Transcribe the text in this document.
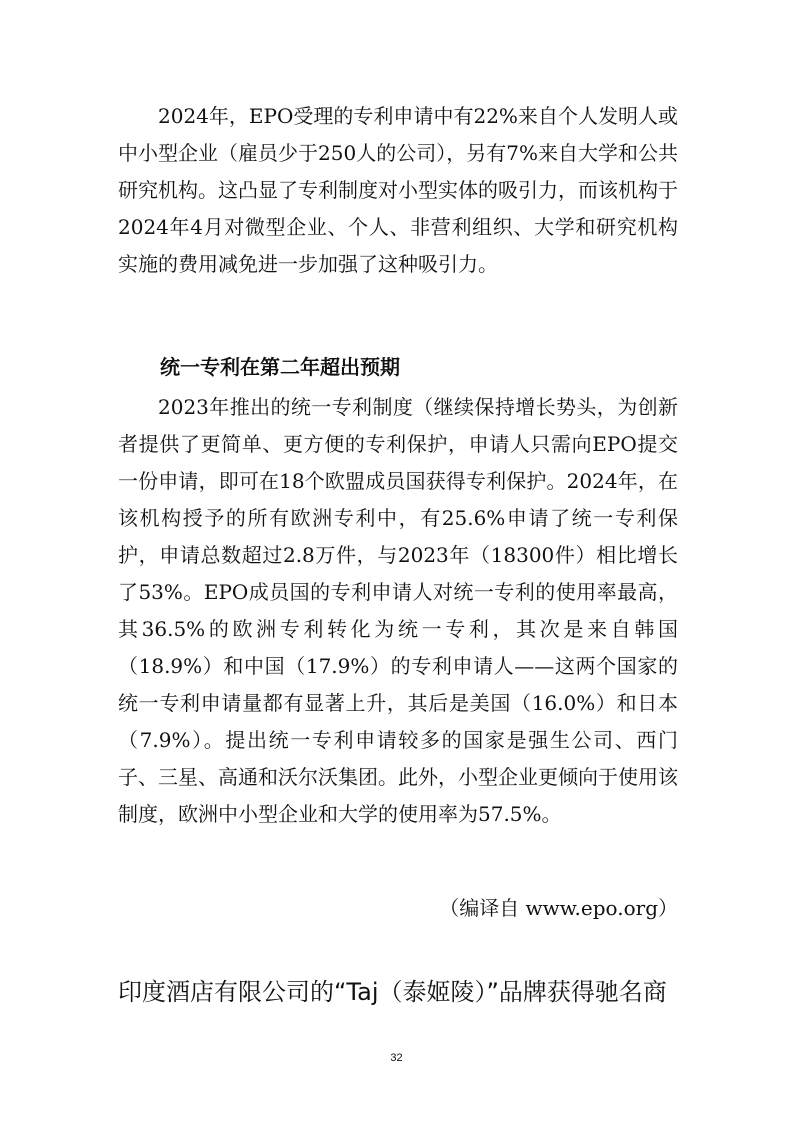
2024年，EPO受理的专利申请中有22%来自个人发明人或中小型企业（雇员少于250人的公司），另有7%来自大学和公共研究机构。这凸显了专利制度对小型实体的吸引力，而该机构于2024年4月对微型企业、个人、非营利组织、大学和研究机构实施的费用减免进一步加强了这种吸引力。

统一专利在第二年超出预期

2023年推出的统一专利制度（继续保持增长势头，为创新者提供了更简单、更方便的专利保护，申请人只需向EPO提交一份申请，即可在18个欧盟成员国获得专利保护。2024年，在该机构授予的所有欧洲专利中，有25.6%申请了统一专利保护，申请总数超过2.8万件，与2023年（18300件）相比增长了53%。EPO成员国的专利申请人对统一专利的使用率最高，其36.5%的欧洲专利转化为统一专利，其次是来自韩国（18.9%）和中国（17.9%）的专利申请人——这两个国家的统一专利申请量都有显著上升，其后是美国（16.0%）和日本（7.9%）。提出统一专利申请较多的国家是强生公司、西门子、三星、高通和沃尔沃集团。此外，小型企业更倾向于使用该制度，欧洲中小型企业和大学的使用率为57.5%。

（编译自 www.epo.org）

印度酒店有限公司的“Taj（泰姬陵）”品牌获得驰名商
32
